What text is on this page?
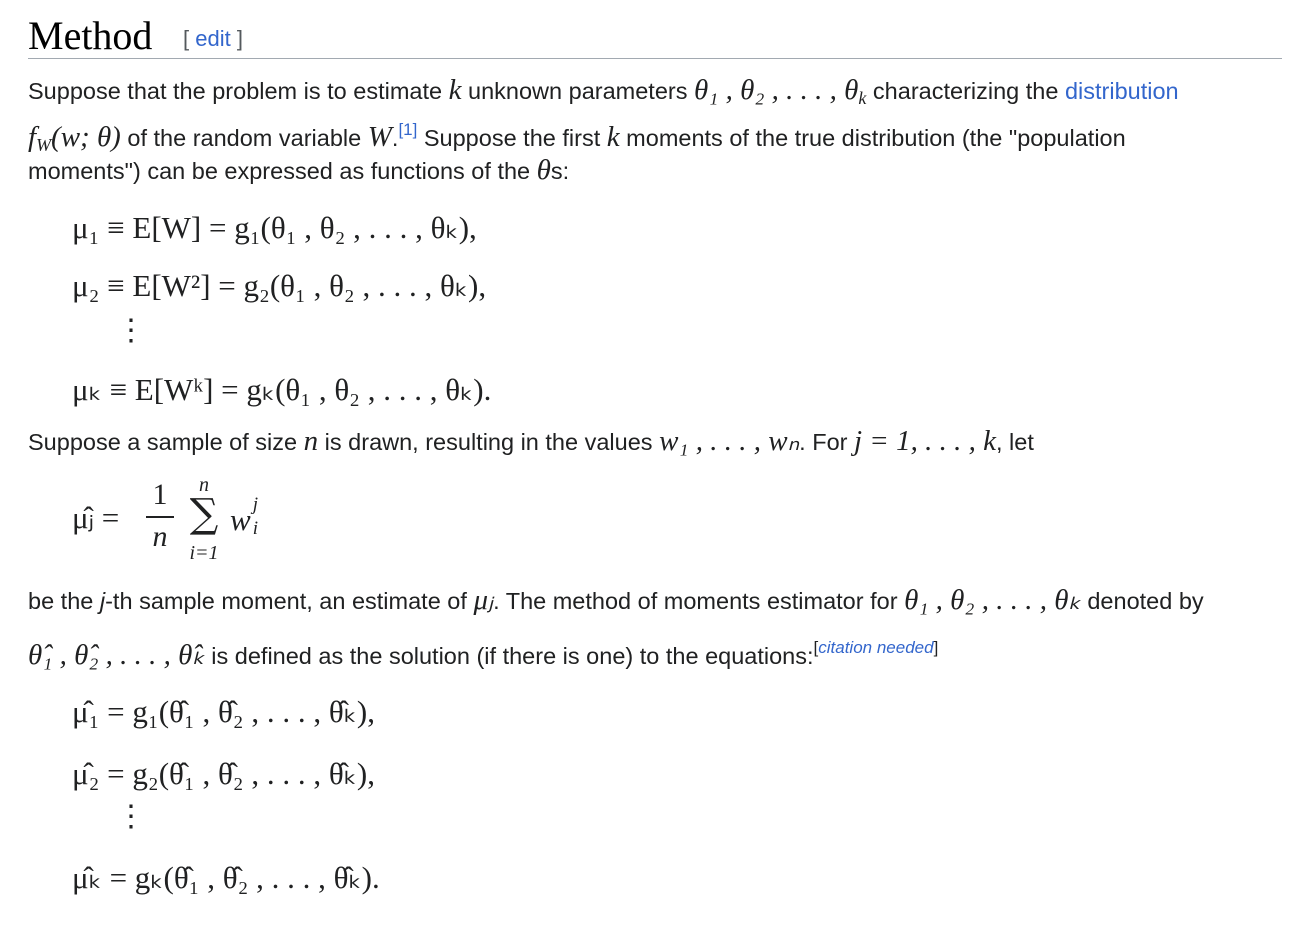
Method [ edit ]
Suppose that the problem is to estimate k unknown parameters θ₁ , θ₂ , . . . , $\theta_k$ characterizing the distribution
fW(w; θ) of the random variable W.[1] Suppose the first k moments of the true distribution (the "population
moments") can be expressed as functions of the θs:
μ₁ ≡ E[W] = g₁(θ₁ , θ₂ , . . . , θₖ),
μ₂ ≡ E[W²] = g₂(θ₁ , θ₂ , . . . , θₖ),
⋮
μₖ ≡ E[Wᵏ] = gₖ(θ₁ , θ₂ , . . . , θₖ).
Suppose a sample of size n is drawn, resulting in the values w₁ , . . . , wₙ. For j = 1, . . . , k, let
μ̂ⱼ =
1
n
n
∑
i=1
w j
i
be the j-th sample moment, an estimate of μⱼ. The method of moments estimator for θ₁ , θ₂ , . . . , θₖ denoted by
θ̂₁ , θ̂₂ , . . . , θ̂ₖ is defined as the solution (if there is one) to the equations:[citation needed]
μ̂₁ = g₁(θ̂₁ , θ̂₂ , . . . , θ̂ₖ),
μ̂₂ = g₂(θ̂₁ , θ̂₂ , . . . , θ̂ₖ),
⋮
μ̂ₖ = gₖ(θ̂₁ , θ̂₂ , . . . , θ̂ₖ).
